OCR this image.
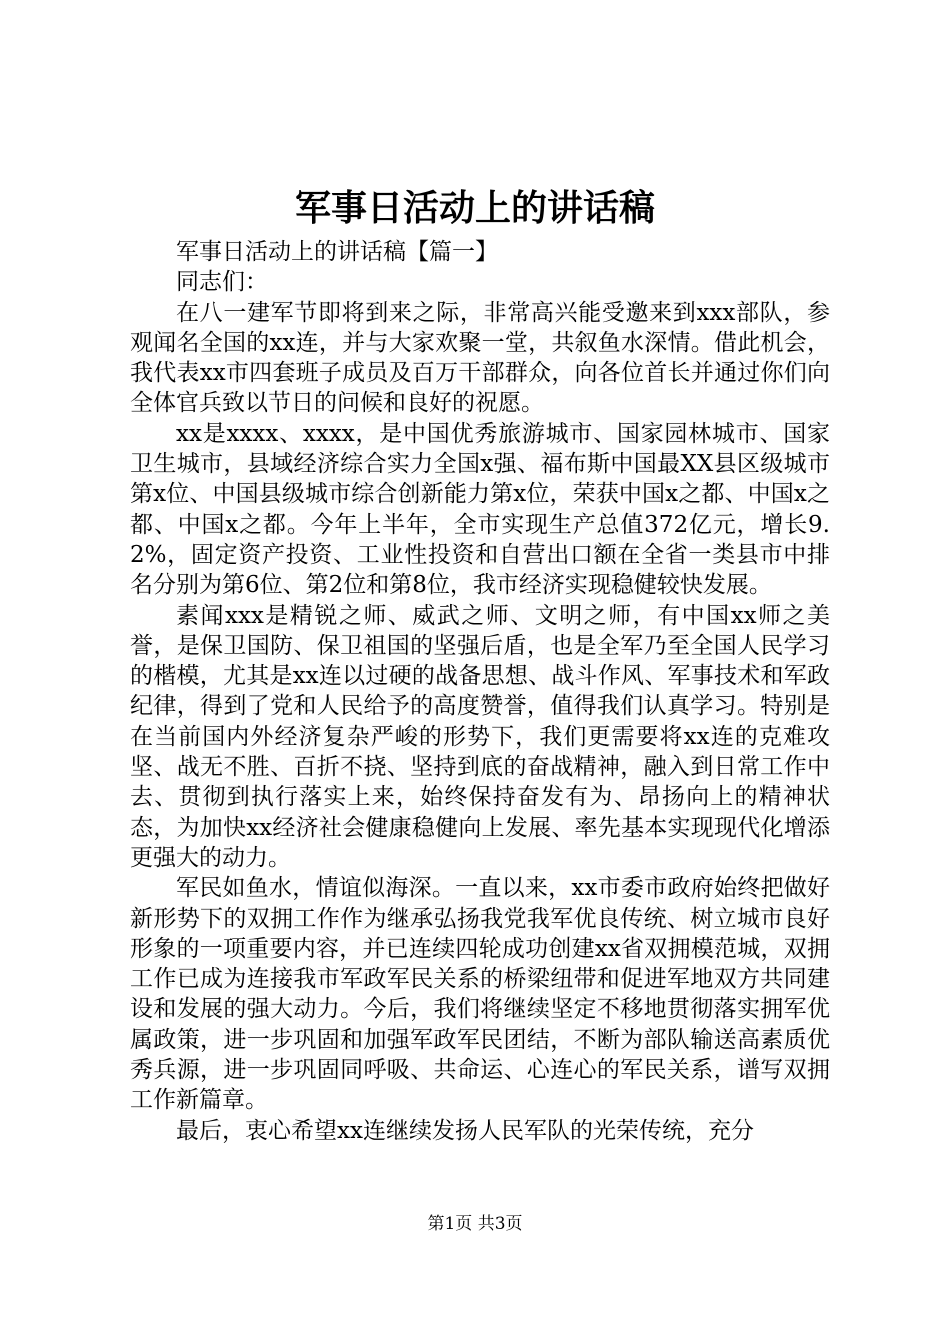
军事日活动上的讲话稿

军事日活动上的讲话稿【篇一】

同志们：

在八一建军节即将到来之际，非常高兴能受邀来到xxx部队，参观闻名全国的xx连，并与大家欢聚一堂，共叙鱼水深情。借此机会，我代表xx市四套班子成员及百万干部群众，向各位首长并通过你们向全体官兵致以节日的问候和良好的祝愿。

xx是xxxx、xxxx，是中国优秀旅游城市、国家园林城市、国家卫生城市，县域经济综合实力全国x强、福布斯中国最XX县区级城市第x位、中国县级城市综合创新能力第x位，荣获中国x之都、中国x之都、中国x之都。今年上半年，全市实现生产总值372亿元，增长9.2%，固定资产投资、工业性投资和自营出口额在全省一类县市中排名分别为第6位、第2位和第8位，我市经济实现稳健较快发展。

素闻xxx是精锐之师、威武之师、文明之师，有中国xx师之美誉，是保卫国防、保卫祖国的坚强后盾，也是全军乃至全国人民学习的楷模，尤其是xx连以过硬的战备思想、战斗作风、军事技术和军政纪律，得到了党和人民给予的高度赞誉，值得我们认真学习。特别是在当前国内外经济复杂严峻的形势下，我们更需要将xx连的克难攻坚、战无不胜、百折不挠、坚持到底的奋战精神，融入到日常工作中去、贯彻到执行落实上来，始终保持奋发有为、昂扬向上的精神状态，为加快xx经济社会健康稳健向上发展、率先基本实现现代化增添更强大的动力。

军民如鱼水，情谊似海深。一直以来，xx市委市政府始终把做好新形势下的双拥工作作为继承弘扬我党我军优良传统、树立城市良好形象的一项重要内容，并已连续四轮成功创建xx省双拥模范城，双拥工作已成为连接我市军政军民关系的桥梁纽带和促进军地双方共同建设和发展的强大动力。今后，我们将继续坚定不移地贯彻落实拥军优属政策，进一步巩固和加强军政军民团结，不断为部队输送高素质优秀兵源，进一步巩固同呼吸、共命运、心连心的军民关系，谱写双拥工作新篇章。

最后，衷心希望xx连继续发扬人民军队的光荣传统，充分

第1页 共3页
